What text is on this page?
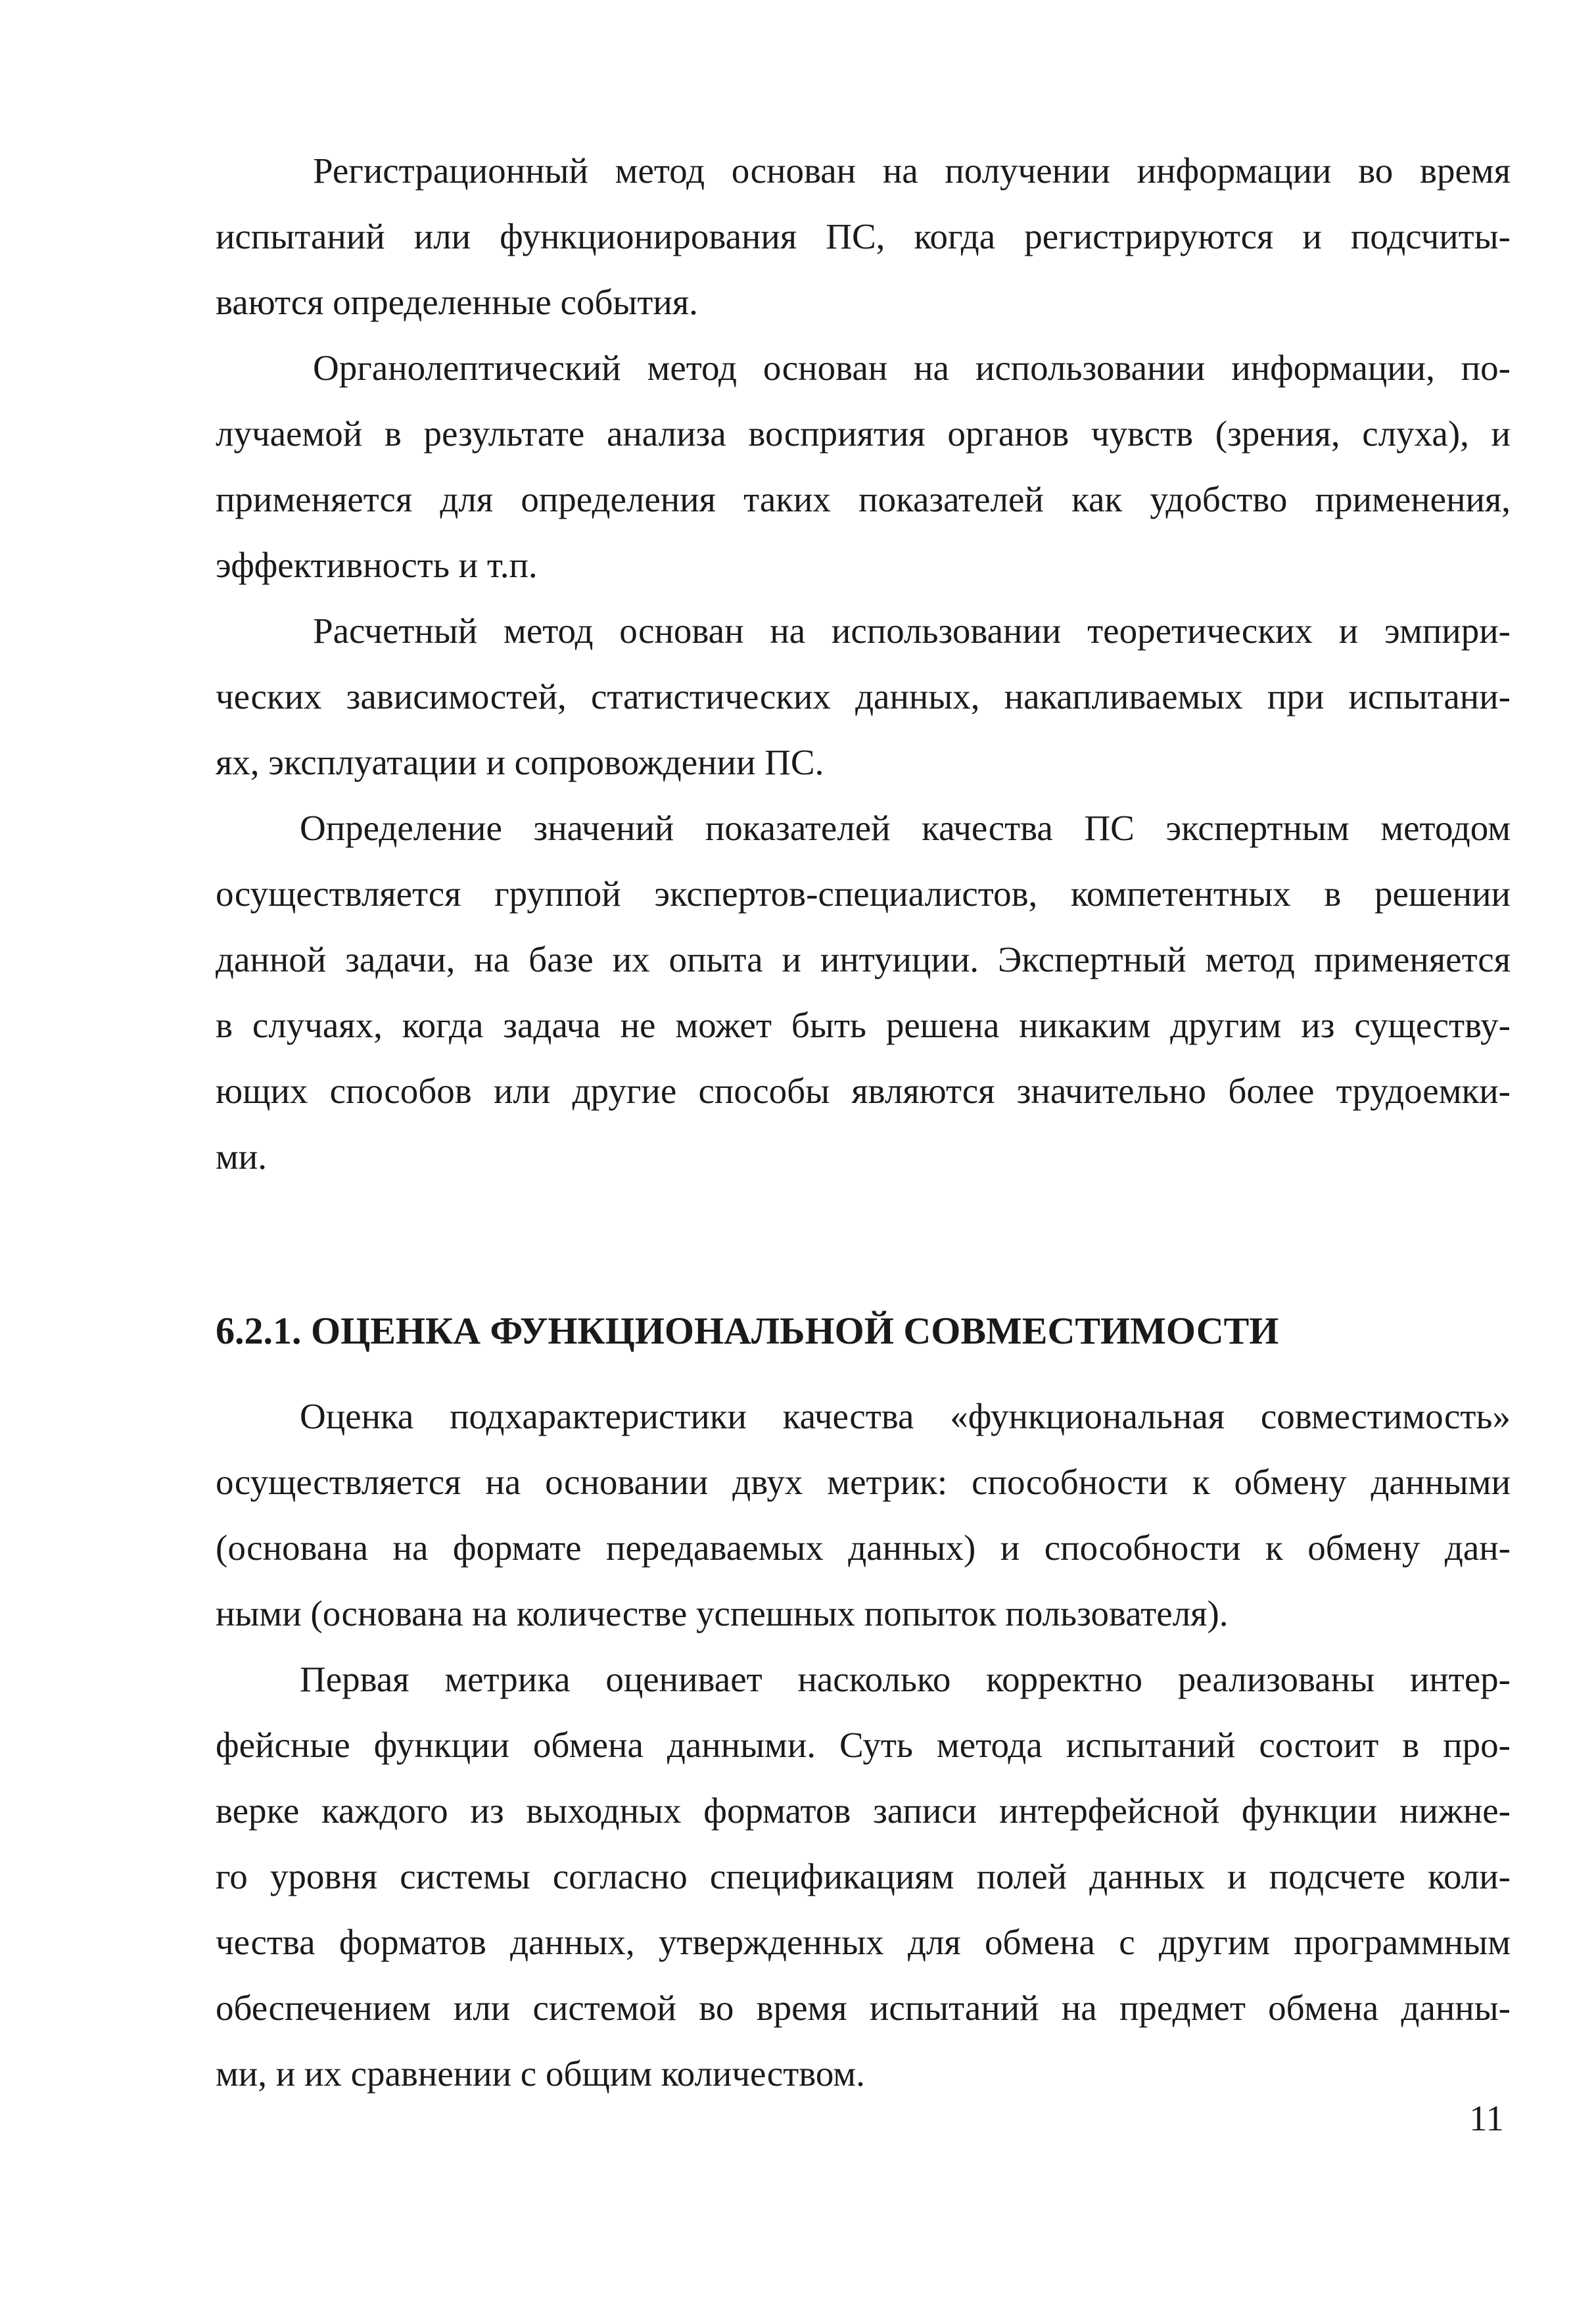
Регистрационный метод основан на получении информации во время
испытаний или функционирования ПС, когда регистрируются и подсчиты-
ваются определенные события.

Органолептический метод основан на использовании информации, по-
лучаемой в результате анализа восприятия органов чувств (зрения, слуха), и
применяется для определения таких показателей как удобство применения,
эффективность и т.п.

Расчетный метод основан на использовании теоретических и эмпири-
ческих зависимостей, статистических данных, накапливаемых при испытани-
ях, эксплуатации и сопровождении ПС.

Определение значений показателей качества ПС экспертным методом
осуществляется группой экспертов-специалистов, компетентных в решении
данной задачи, на базе их опыта и интуиции. Экспертный метод применяется
в случаях, когда задача не может быть решена никаким другим из существу-
ющих способов или другие способы являются значительно более трудоемки-
ми.

6.2.1. ОЦЕНКА ФУНКЦИОНАЛЬНОЙ СОВМЕСТИМОСТИ

Оценка подхарактеристики качества «функциональная совместимость»
осуществляется на основании двух метрик: способности к обмену данными
(основана на формате передаваемых данных) и способности к обмену дан-
ными (основана на количестве успешных попыток пользователя).

Первая метрика оценивает насколько корректно реализованы интер-
фейсные функции обмена данными. Суть метода испытаний состоит в про-
верке каждого из выходных форматов записи интерфейсной функции нижне-
го уровня системы согласно спецификациям полей данных и подсчете коли-
чества форматов данных, утвержденных для обмена с другим программным
обеспечением или системой во время испытаний на предмет обмена данны-
ми, и их сравнении с общим количеством.

11
